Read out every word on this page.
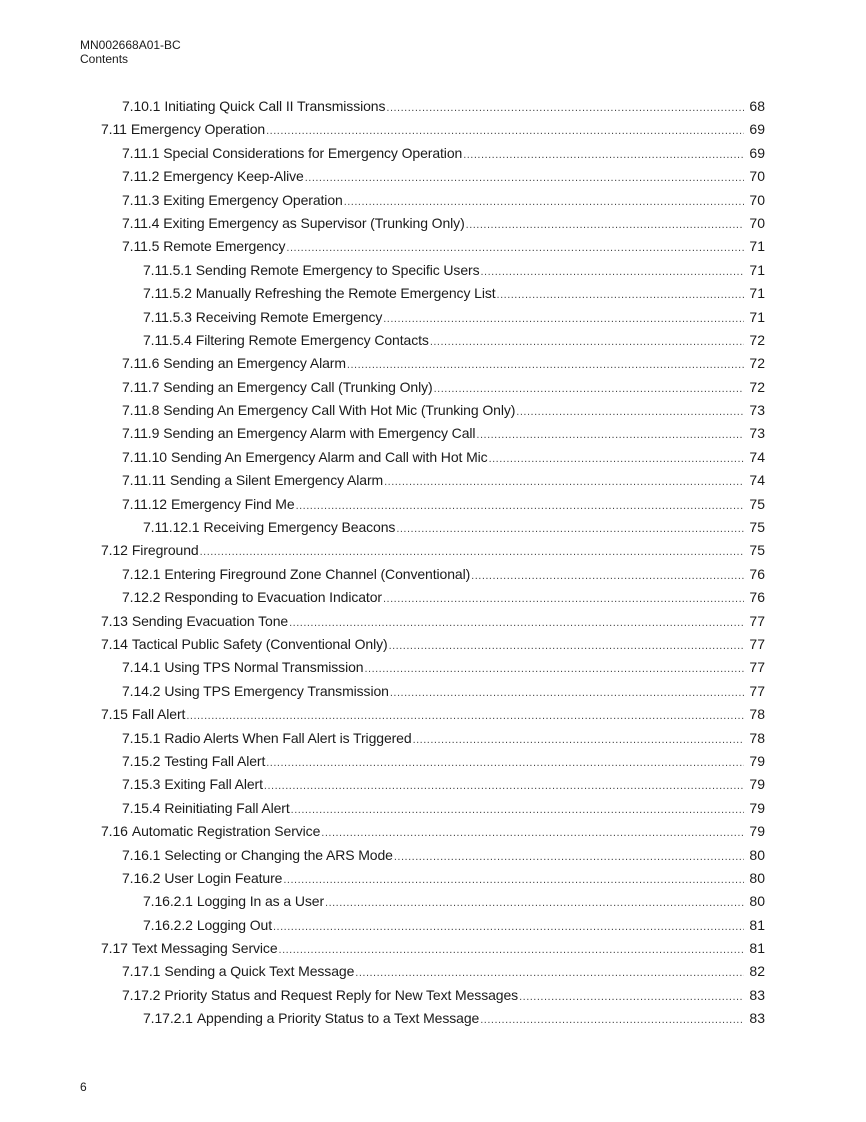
MN002668A01-BC
Contents
7.10.1 Initiating Quick Call II Transmissions .....	68
7.11 Emergency Operation .....	69
7.11.1 Special Considerations for Emergency Operation .....	69
7.11.2 Emergency Keep-Alive .....	70
7.11.3 Exiting Emergency Operation .....	70
7.11.4 Exiting Emergency as Supervisor (Trunking Only) .....	70
7.11.5 Remote Emergency .....	71
7.11.5.1 Sending Remote Emergency to Specific Users .....	71
7.11.5.2 Manually Refreshing the Remote Emergency List .....	71
7.11.5.3 Receiving Remote Emergency .....	71
7.11.5.4 Filtering Remote Emergency Contacts .....	72
7.11.6 Sending an Emergency Alarm .....	72
7.11.7 Sending an Emergency Call (Trunking Only) .....	72
7.11.8 Sending An Emergency Call With Hot Mic (Trunking Only) .....	73
7.11.9 Sending an Emergency Alarm with Emergency Call .....	73
7.11.10 Sending An Emergency Alarm and Call with Hot Mic .....	74
7.11.11 Sending a Silent Emergency Alarm .....	74
7.11.12 Emergency Find Me .....	75
7.11.12.1 Receiving Emergency Beacons .....	75
7.12 Fireground .....	75
7.12.1 Entering Fireground Zone Channel (Conventional) .....	76
7.12.2 Responding to Evacuation Indicator .....	76
7.13 Sending Evacuation Tone .....	77
7.14 Tactical Public Safety (Conventional Only) .....	77
7.14.1 Using TPS Normal Transmission .....	77
7.14.2 Using TPS Emergency Transmission .....	77
7.15 Fall Alert .....	78
7.15.1 Radio Alerts When Fall Alert is Triggered .....	78
7.15.2 Testing Fall Alert .....	79
7.15.3 Exiting Fall Alert .....	79
7.15.4 Reinitiating Fall Alert .....	79
7.16 Automatic Registration Service .....	79
7.16.1 Selecting or Changing the ARS Mode .....	80
7.16.2 User Login Feature .....	80
7.16.2.1 Logging In as a User .....	80
7.16.2.2 Logging Out .....	81
7.17 Text Messaging Service .....	81
7.17.1 Sending a Quick Text Message .....	82
7.17.2 Priority Status and Request Reply for New Text Messages .....	83
7.17.2.1 Appending a Priority Status to a Text Message .....	83
6
